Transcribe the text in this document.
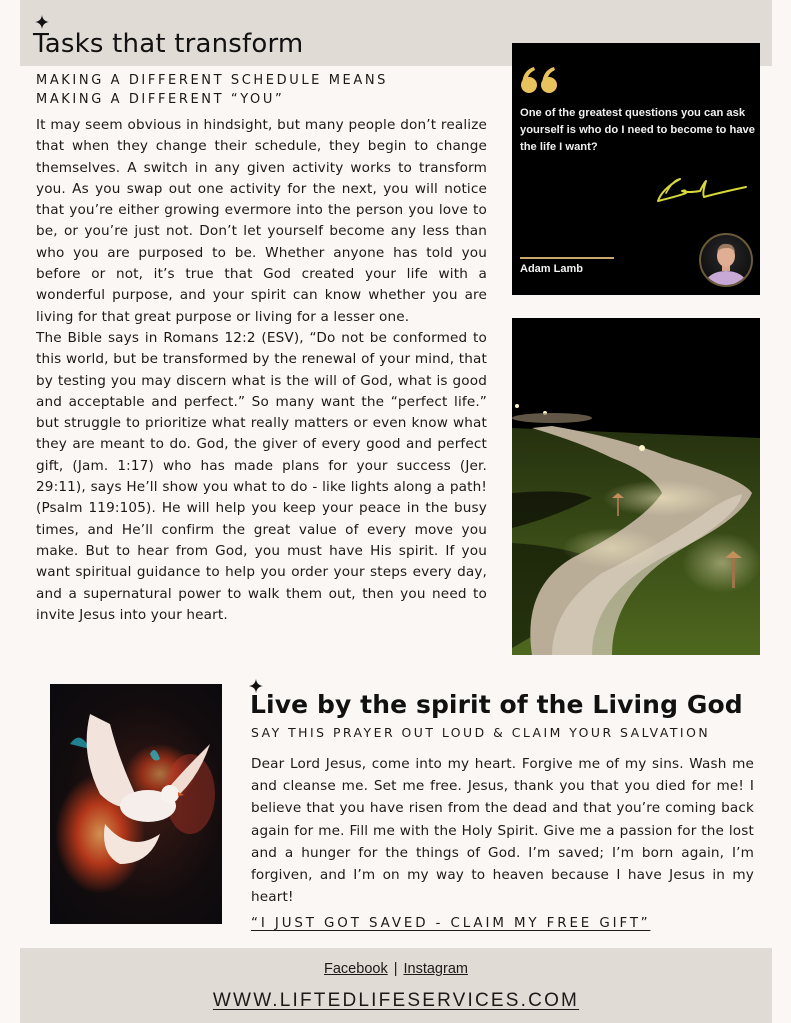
Tasks that transform
MAKING A DIFFERENT SCHEDULE MEANS
MAKING A DIFFERENT “YOU”

It may seem obvious in hindsight, but many people don’t realize that when they change their schedule, they begin to change themselves. A switch in any given activity works to transform you. As you swap out one activity for the next, you will notice that you’re either growing evermore into the person you love to be, or you’re just not. Don’t let yourself become any less than who you are purposed to be. Whether anyone has told you before or not, it’s true that God created your life with a wonderful purpose, and your spirit can know whether you are living for that great purpose or living for a lesser one.

The Bible says in Romans 12:2 (ESV), “Do not be conformed to this world, but be transformed by the renewal of your mind, that by testing you may discern what is the will of God, what is good and acceptable and perfect.” So many want the “perfect life.” but struggle to prioritize what really matters or even know what they are meant to do. God, the giver of every good and perfect gift, (Jam. 1:17) who has made plans for your success (Jer. 29:11), says He’ll show you what to do - like lights along a path! (Psalm 119:105). He will help you keep your peace in the busy times, and He’ll confirm the great value of every move you make. But to hear from God, you must have His spirit. If you want spiritual guidance to help you order your steps every day, and a supernatural power to walk them out, then you need to invite Jesus into your heart.

One of the greatest questions you can ask yourself is who do I need to become to have the life I want?
Adam Lamb
Live by the spirit of the Living God
SAY THIS PRAYER OUT LOUD & CLAIM YOUR SALVATION

Dear Lord Jesus, come into my heart. Forgive me of my sins. Wash me and cleanse me. Set me free. Jesus, thank you that you died for me! I believe that you have risen from the dead and that you’re coming back again for me. Fill me with the Holy Spirit. Give me a passion for the lost and a hunger for the things of God. I’m saved; I’m born again, I’m forgiven, and I’m on my way to heaven because I have Jesus in my heart!

“I JUST GOT SAVED - CLAIM MY FREE GIFT”
Facebook | Instagram
WWW.LIFTEDLIFESERVICES.COM
